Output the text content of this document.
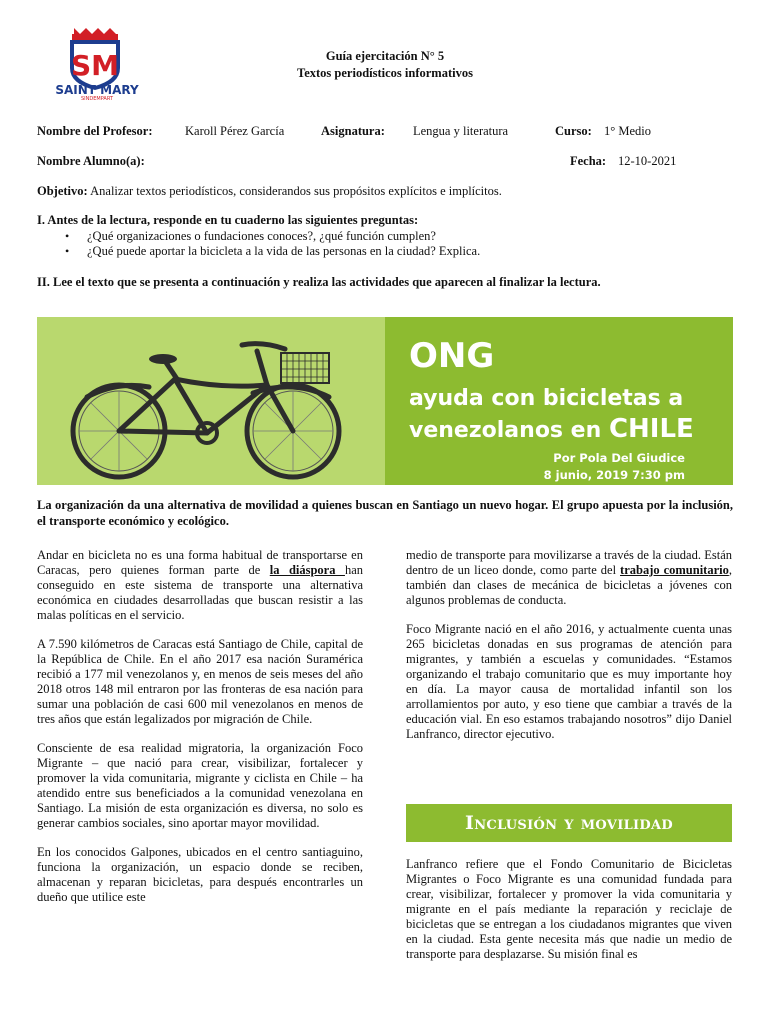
SM
SAINT MARY
SINDEMPART
Guía ejercitación N° 5
Textos periodísticos informativos
Nombre del Profesor:	Karoll Pérez García	Asignatura: Lengua y literatura	Curso: 1° Medio
Nombre Alumno(a):	Fecha: 12-10-2021
Objetivo: Analizar textos periodísticos, considerandos sus propósitos explícitos e implícitos.
I. Antes de la lectura, responde en tu cuaderno las siguientes preguntas:
• ¿Qué organizaciones o fundaciones conoces?, ¿qué función cumplen?
• ¿Qué puede aportar la bicicleta a la vida de las personas en la ciudad? Explica.
II. Lee el texto que se presenta a continuación y realiza las actividades que aparecen al finalizar la lectura.
ONG
ayuda con bicicletas a
venezolanos en CHILE
Por Pola Del Giudice
8 junio, 2019 7:30 pm
La organización da una alternativa de movilidad a quienes buscan en Santiago un nuevo hogar. El grupo apuesta por la inclusión, el transporte económico y ecológico.

Andar en bicicleta no es una forma habitual de transportarse en Caracas, pero quienes forman parte de la diáspora han conseguido en este sistema de transporte una alternativa económica en ciudades desarrolladas que buscan resistir a las malas políticas en el servicio.

A 7.590 kilómetros de Caracas está Santiago de Chile, capital de la República de Chile. En el año 2017 esa nación Suramérica recibió a 177 mil venezolanos y, en menos de seis meses del año 2018 otros 148 mil entraron por las fronteras de esa nación para sumar una población de casi 600 mil venezolanos en menos de tres años que están legalizados por migración de Chile.

Consciente de esa realidad migratoria, la organización Foco Migrante – que nació para crear, visibilizar, fortalecer y promover la vida comunitaria, migrante y ciclista en Chile – ha atendido entre sus beneficiados a la comunidad venezolana en Santiago. La misión de esta organización es diversa, no solo es generar cambios sociales, sino aportar mayor movilidad.

En los conocidos Galpones, ubicados en el centro santiaguino, funciona la organización, un espacio donde se reciben, almacenan y reparan bicicletas, para después encontrarles un dueño que utilice este

medio de transporte para movilizarse a través de la ciudad. Están dentro de un liceo donde, como parte del trabajo comunitario, también dan clases de mecánica de bicicletas a jóvenes con algunos problemas de conducta.

Foco Migrante nació en el año 2016, y actualmente cuenta unas 265 bicicletas donadas en sus programas de atención para migrantes, y también a escuelas y comunidades. “Estamos organizando el trabajo comunitario que es muy importante hoy en día. La mayor causa de mortalidad infantil son los arrollamientos por auto, y eso tiene que cambiar a través de la educación vial. En eso estamos trabajando nosotros” dijo Daniel Lanfranco, director ejecutivo.

Inclusión y movilidad

Lanfranco refiere que el Fondo Comunitario de Bicicletas Migrantes o Foco Migrante es una comunidad fundada para crear, visibilizar, fortalecer y promover la vida comunitaria y migrante en el país mediante la reparación y reciclaje de bicicletas que se entregan a los ciudadanos migrantes que viven en la ciudad. Esta gente necesita más que nadie un medio de transporte para desplazarse. Su misión final es
